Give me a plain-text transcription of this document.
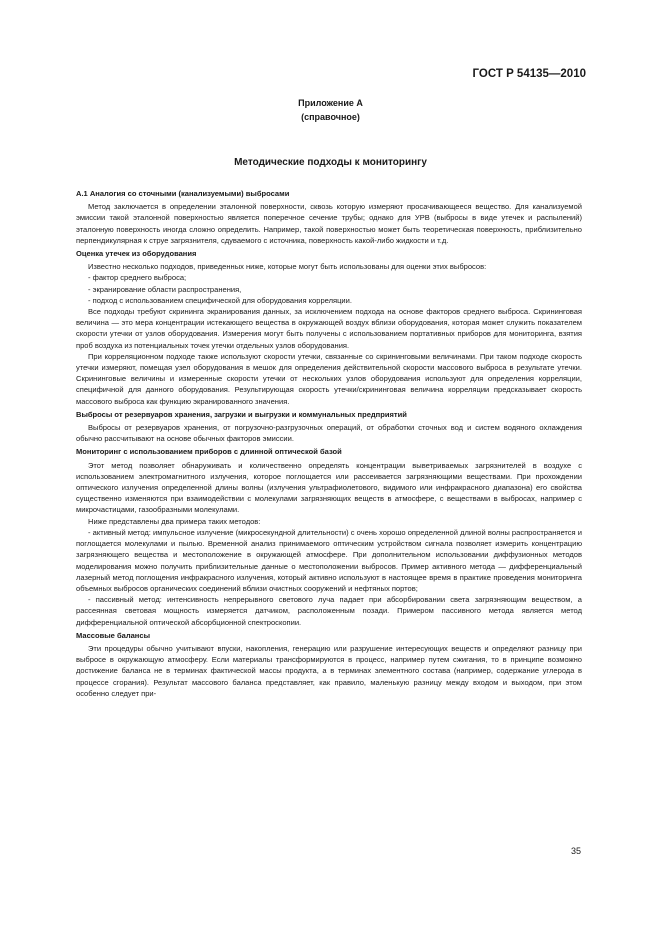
ГОСТ Р 54135—2010
Приложение А
(справочное)
Методические подходы к мониторингу
А.1 Аналогия со сточными (канализуемыми) выбросами

Метод заключается в определении эталонной поверхности, сквозь которую измеряют просачивающееся вещество. Для канализуемой эмиссии такой эталонной поверхностью является поперечное сечение трубы; однако для УРВ (выбросы в виде утечек и распылений) эталонную поверхность иногда сложно определить. Например, такой поверхностью может быть теоретическая поверхность, приблизительно перпендикулярная к струе загрязнителя, сдуваемого с источника, поверхность какой-либо жидкости и т.д.

Оценка утечек из оборудования

Известно несколько подходов, приведенных ниже, которые могут быть использованы для оценки этих выбросов:

- фактор среднего выброса;

- экранирование области распространения,

- подход с использованием специфической для оборудования корреляции.

Все подходы требуют скрининга экранирования данных, за исключением подхода на основе факторов среднего выброса. Скрининговая величина — это мера концентрации истекающего вещества в окружающей воздух вблизи оборудования, которая может служить показателем скорости утечки от узлов оборудования. Измерения могут быть получены с использованием портативных приборов для мониторинга, взятия проб воздуха из потенциальных точек утечки отдельных узлов оборудования.

При корреляционном подходе также используют скорости утечки, связанные со скрининговыми величинами. При таком подходе скорость утечки измеряют, помещая узел оборудования в мешок для определения действительной скорости массового выброса в результате утечки. Скрининговые величины и измеренные скорости утечки от нескольких узлов оборудования используют для определения корреляции, специфичной для данного оборудования. Результирующая скорость утечки/скрининговая величина корреляции предсказывает скорость массового выброса как функцию экранированного значения.

Выбросы от резервуаров хранения, загрузки и выгрузки и коммунальных предприятий

Выбросы от резервуаров хранения, от погрузочно-разгрузочных операций, от обработки сточных вод и систем водяного охлаждения обычно рассчитывают на основе обычных факторов эмиссии.

Мониторинг с использованием приборов с длинной оптической базой

Этот метод позволяет обнаруживать и количественно определять концентрации выветриваемых загрязнителей в воздухе с использованием электромагнитного излучения, которое поглощается или рассеивается загрязняющими веществами. При прохождении оптического излучения определенной длины волны (излучения ультрафиолетового, видимого или инфракрасного диапазона) его свойства существенно изменяются при взаимодействии с молекулами загрязняющих веществ в атмосфере, с веществами в выбросах, например с микрочастицами, газообразными молекулами.

Ниже представлены два примера таких методов:

- активный метод: импульсное излучение (микросекундной длительности) с очень хорошо определенной длиной волны распространяется и поглощается молекулами и пылью. Временной анализ принимаемого оптическим устройством сигнала позволяет измерить концентрацию загрязняющего вещества и местоположение в окружающей атмосфере. При дополнительном использовании диффузионных методов моделирования можно получить приблизительные данные о местоположении выбросов. Пример активного метода — дифференциальный лазерный метод поглощения инфракрасного излучения, который активно используют в настоящее время в практике проведения мониторинга объемных выбросов органических соединений вблизи очистных сооружений и нефтяных портов;

- пассивный метод: интенсивность непрерывного светового луча падает при абсорбировании света загрязняющим веществом, а рассеянная световая мощность измеряется датчиком, расположенным позади. Примером пассивного метода является метод дифференциальной оптической абсорбционной спектроскопии.

Массовые балансы

Эти процедуры обычно учитывают впуски, накопления, генерацию или разрушение интересующих веществ и определяют разницу при выбросе в окружающую атмосферу. Если материалы трансформируются в процесс, например путем сжигания, то в принципе возможно достижение баланса не в терминах фактической массы продукта, а в терминах элементного состава (например, содержание углерода в процессе сгорания). Результат массового баланса представляет, как правило, маленькую разницу между входом и выходом, при этом особенно следует при-

35
